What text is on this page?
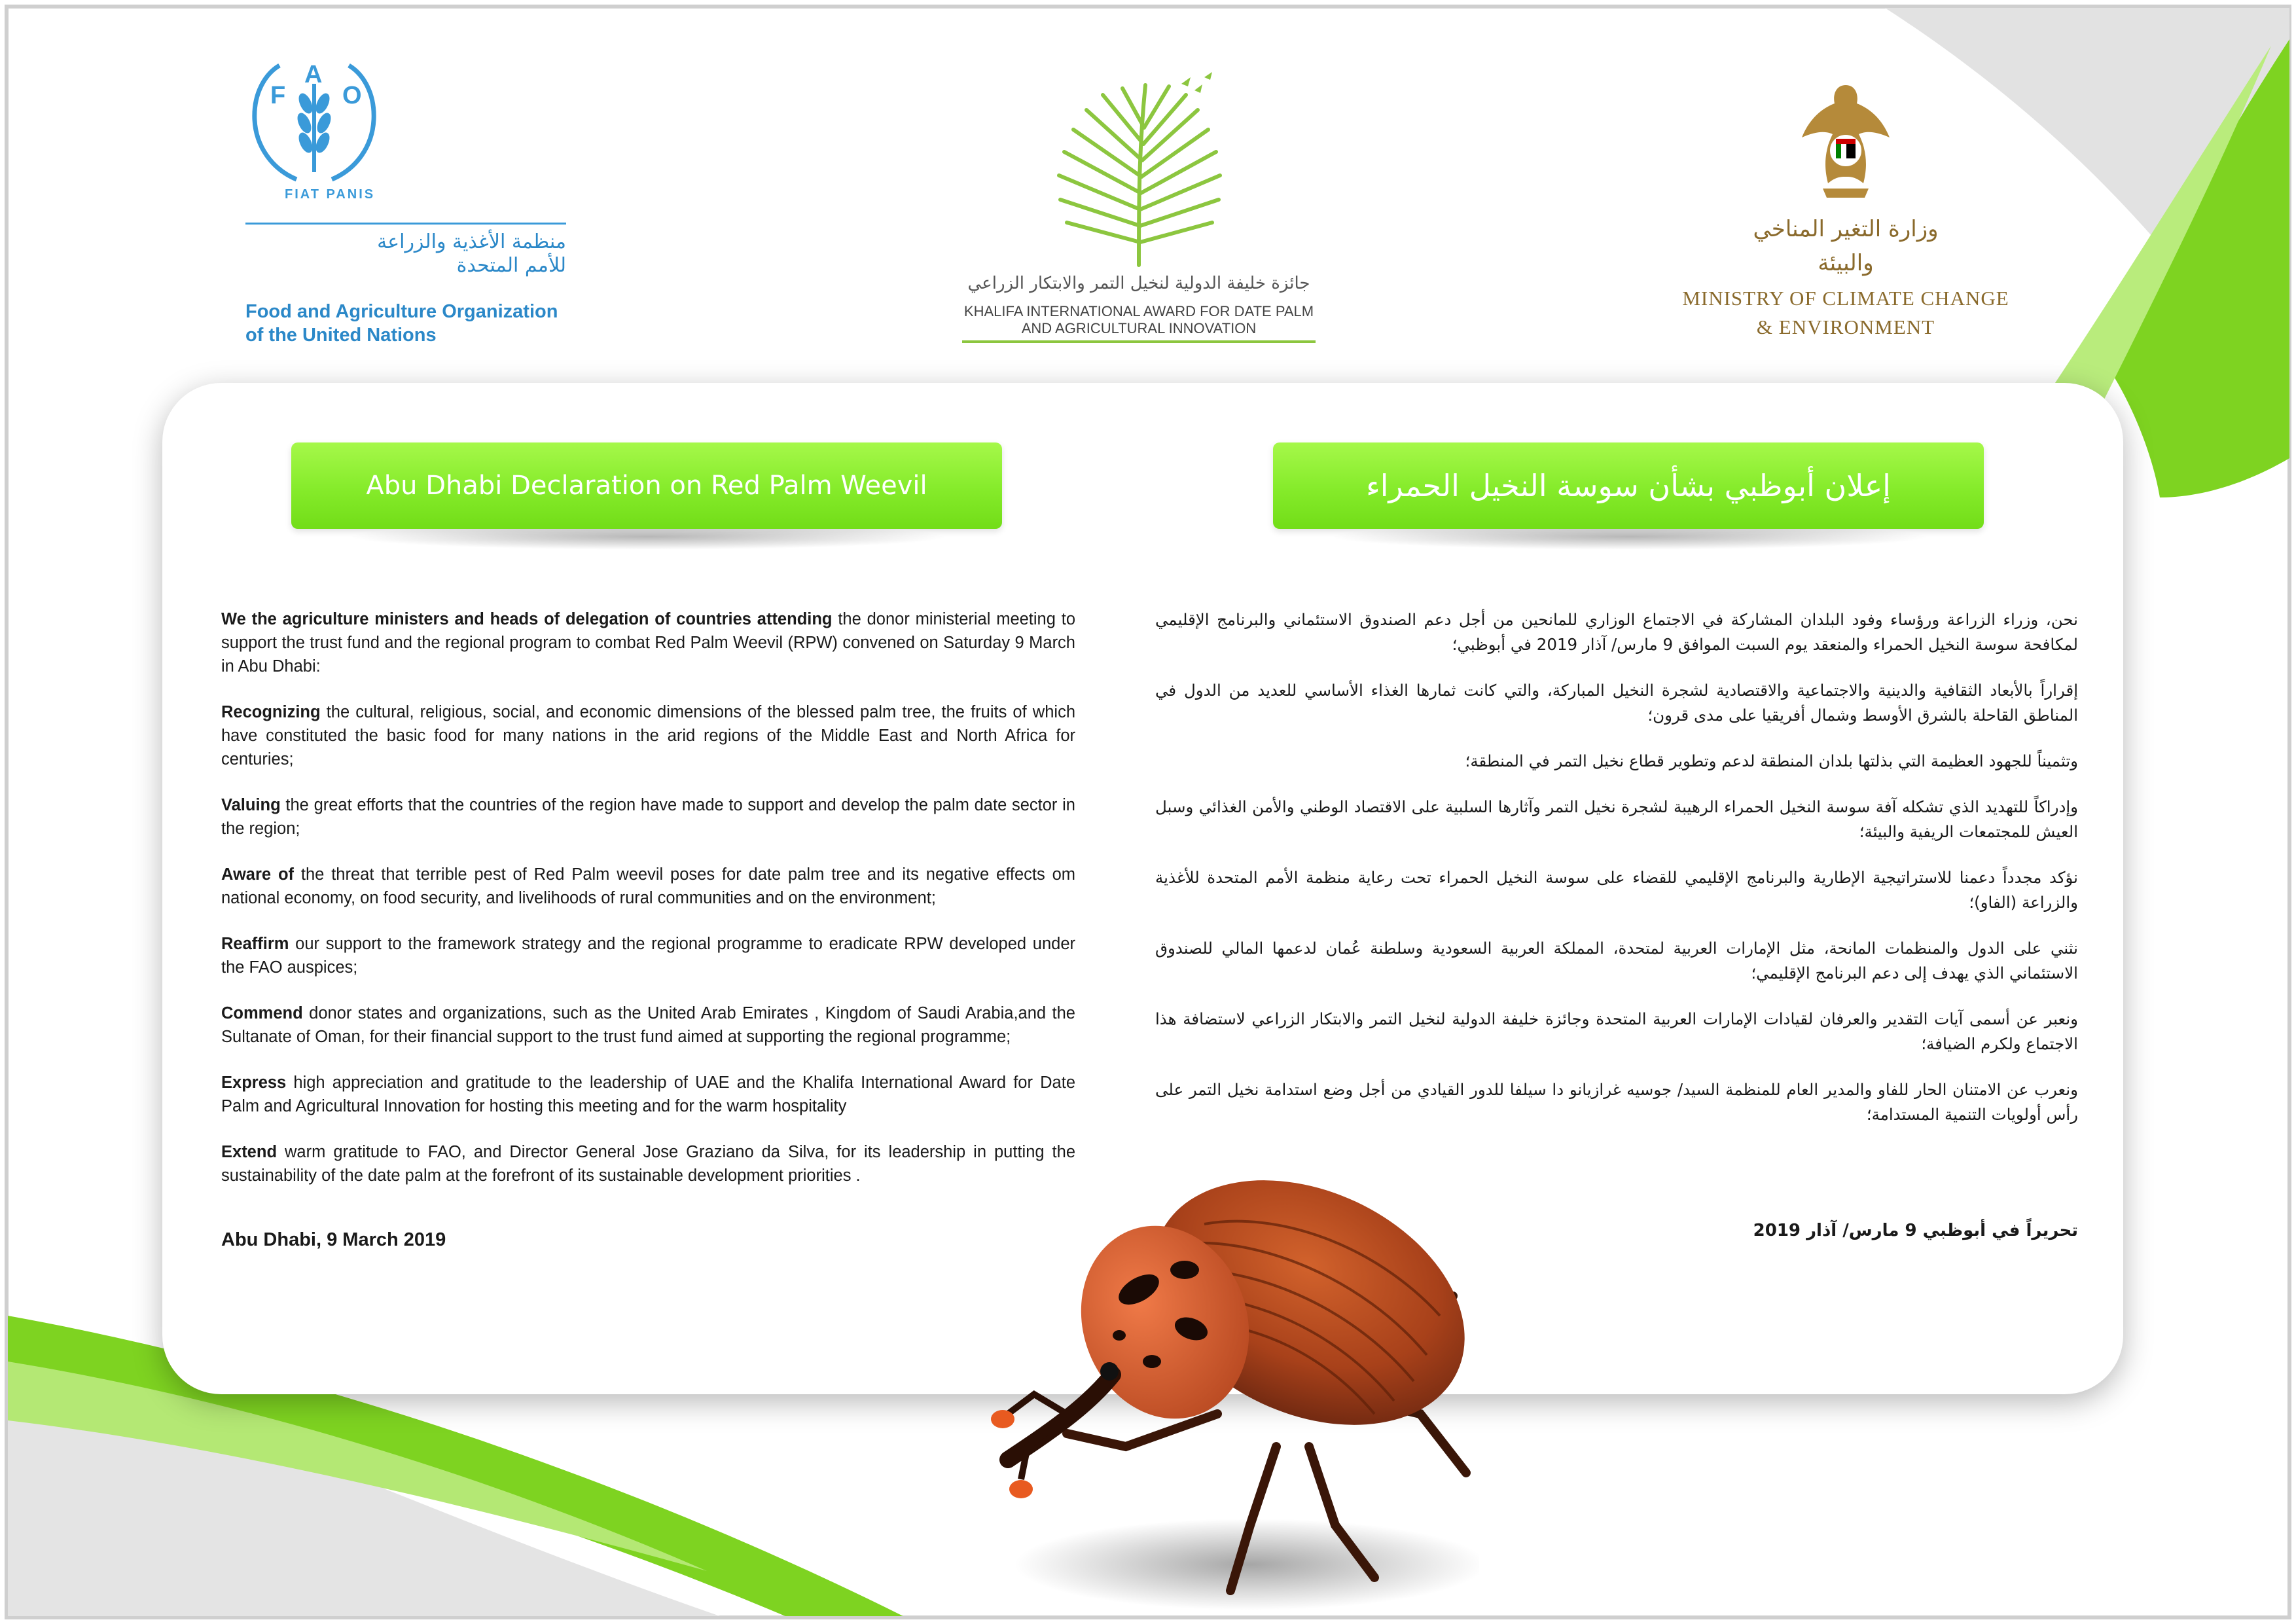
F
A
O
FIAT PANIS
منظمة الأغذية والزراعة
للأمم المتحدة
Food and Agriculture Organization
of the United Nations
جائزة خليفة الدولية لنخيل التمر والابتكار الزراعي
KHALIFA INTERNATIONAL AWARD FOR DATE PALM
AND AGRICULTURAL INNOVATION
وزارة التغير المناخي
والبيئة
MINISTRY OF CLIMATE CHANGE
& ENVIRONMENT
Abu Dhabi Declaration on Red Palm Weevil	إعلان أبوظبي بشأن سوسة النخيل الحمراء

We the agriculture ministers and heads of delegation of countries attending the donor ministerial meeting to support the trust fund and the regional program to combat Red Palm Weevil (RPW) convened on Saturday 9 March in Abu Dhabi:

Recognizing the cultural, religious, social, and economic dimensions of the blessed palm tree, the fruits of which have constituted the basic food for many nations in the arid regions of the Middle East and North Africa for centuries;

Valuing the great efforts that the countries of the region have made to support and develop the palm date sector in the region;

Aware of the threat that terrible pest of Red Palm weevil poses for date palm tree and its negative effects om national economy, on food security, and livelihoods of rural communities and on the environment;

Reaffirm our support to the framework strategy and the regional programme to eradicate RPW developed under the FAO auspices;

Commend donor states and organizations, such as the United Arab Emirates , Kingdom of Saudi Arabia,and the Sultanate of Oman, for their financial support to the trust fund aimed at supporting the regional programme;

Express high appreciation and gratitude to the leadership of UAE and the Khalifa International Award for Date Palm and Agricultural Innovation for hosting this meeting and for the warm hospitality

Extend warm gratitude to FAO, and Director General Jose Graziano da Silva, for its leadership in putting the sustainability of the date palm at the forefront of its sustainable development priorities .

Abu Dhabi, 9 March 2019

نحن، وزراء الزراعة ورؤساء وفود البلدان المشاركة في الاجتماع الوزاري للمانحين من أجل دعم الصندوق الاستئماني والبرنامج الإقليمي لمكافحة سوسة النخيل الحمراء والمنعقد يوم السبت الموافق 9 مارس/ آذار 2019 في أبوظبي؛

إقراراً بالأبعاد الثقافية والدينية والاجتماعية والاقتصادية لشجرة النخيل المباركة، والتي كانت ثمارها الغذاء الأساسي للعديد من الدول في المناطق القاحلة بالشرق الأوسط وشمال أفريقيا على مدى قرون؛

وتثميناً للجهود العظيمة التي بذلتها بلدان المنطقة لدعم وتطوير قطاع نخيل التمر في المنطقة؛

وإدراكاً للتهديد الذي تشكله آفة سوسة النخيل الحمراء الرهيبة لشجرة نخيل التمر وآثارها السلبية على الاقتصاد الوطني والأمن الغذائي وسبل العيش للمجتمعات الريفية والبيئة؛

نؤكد مجدداً دعمنا للاستراتيجية الإطارية والبرنامج الإقليمي للقضاء على سوسة النخيل الحمراء تحت رعاية منظمة الأمم المتحدة للأغذية والزراعة (الفاو)؛

نثني على الدول والمنظمات المانحة، مثل الإمارات العربية لمتحدة، المملكة العربية السعودية وسلطنة عُمان لدعمها المالي للصندوق الاستئماني الذي يهدف إلى دعم البرنامج الإقليمي؛

ونعبر عن أسمى آيات التقدير والعرفان لقيادات الإمارات العربية المتحدة وجائزة خليفة الدولية لنخيل التمر والابتكار الزراعي لاستضافة هذا الاجتماع ولكرم الضيافة؛

ونعرب عن الامتنان الحار للفاو والمدير العام للمنظمة السيد/ جوسيه غرازيانو دا سيلفا للدور القيادي من أجل وضع استدامة نخيل التمر على رأس أولويات التنمية المستدامة؛

تحريراً في أبوظبي 9 مارس/ آذار 2019
